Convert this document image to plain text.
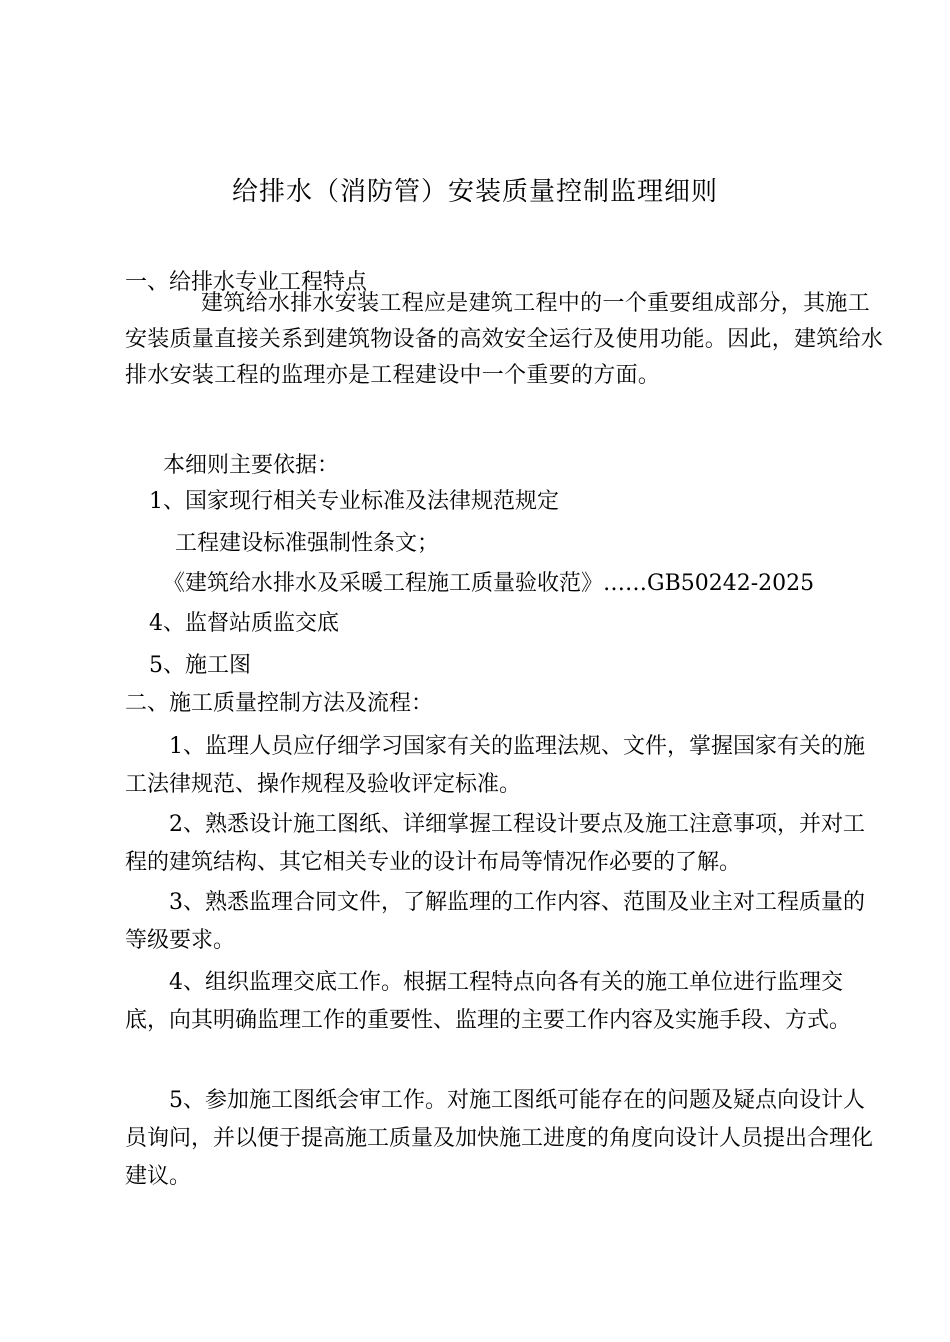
给排水（消防管）安装质量控制监理细则

一、给排水专业工程特点

建筑给水排水安装工程应是建筑工程中的一个重要组成部分，其施工安装质量直接关系到建筑物设备的高效安全运行及使用功能。因此，建筑给水排水安装工程的监理亦是工程建设中一个重要的方面。

本细则主要依据：

1、国家现行相关专业标准及法律规范规定

工程建设标准强制性条文；

《建筑给水排水及采暖工程施工质量验收范》……GB50242-2025

4、监督站质监交底

5、施工图

二、施工质量控制方法及流程：

1、监理人员应仔细学习国家有关的监理法规、文件，掌握国家有关的施工法律规范、操作规程及验收评定标准。

2、熟悉设计施工图纸、详细掌握工程设计要点及施工注意事项，并对工程的建筑结构、其它相关专业的设计布局等情况作必要的了解。

3、熟悉监理合同文件，了解监理的工作内容、范围及业主对工程质量的等级要求。

4、组织监理交底工作。根据工程特点向各有关的施工单位进行监理交底，向其明确监理工作的重要性、监理的主要工作内容及实施手段、方式。

5、参加施工图纸会审工作。对施工图纸可能存在的问题及疑点向设计人员询问，并以便于提高施工质量及加快施工进度的角度向设计人员提出合理化建议。
